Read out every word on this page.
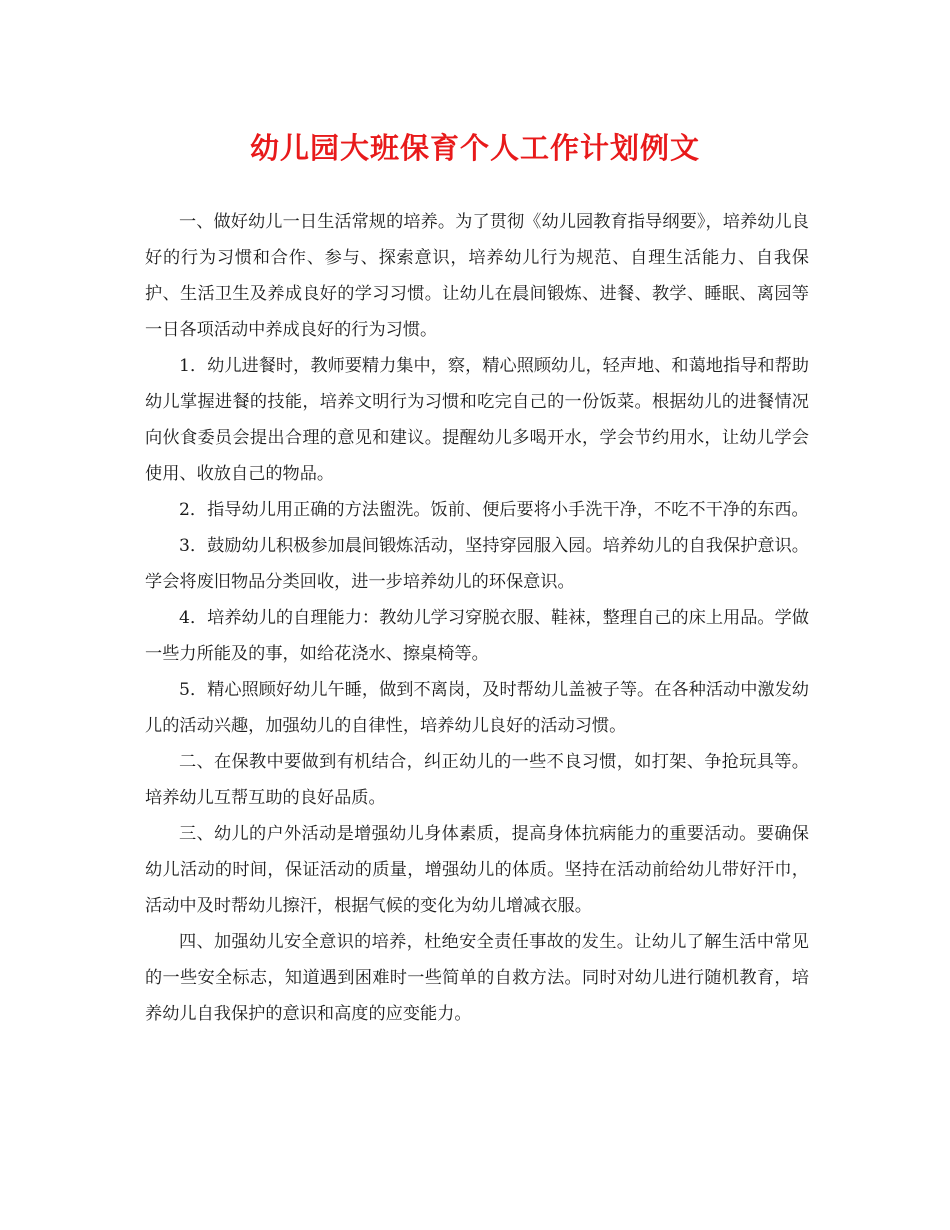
幼儿园大班保育个人工作计划例文

一、做好幼儿一日生活常规的培养。为了贯彻《幼儿园教育指导纲要》，培养幼儿良好的行为习惯和合作、参与、探索意识，培养幼儿行为规范、自理生活能力、自我保护、生活卫生及养成良好的学习习惯。让幼儿在晨间锻炼、进餐、教学、睡眠、离园等一日各项活动中养成良好的行为习惯。

1．幼儿进餐时，教师要精力集中，察，精心照顾幼儿，轻声地、和蔼地指导和帮助幼儿掌握进餐的技能，培养文明行为习惯和吃完自己的一份饭菜。根据幼儿的进餐情况向伙食委员会提出合理的意见和建议。提醒幼儿多喝开水，学会节约用水，让幼儿学会使用、收放自己的物品。

2．指导幼儿用正确的方法盥洗。饭前、便后要将小手洗干净，不吃不干净的东西。

3．鼓励幼儿积极参加晨间锻炼活动，坚持穿园服入园。培养幼儿的自我保护意识。学会将废旧物品分类回收，进一步培养幼儿的环保意识。

4．培养幼儿的自理能力：教幼儿学习穿脱衣服、鞋袜，整理自己的床上用品。学做一些力所能及的事，如给花浇水、擦桌椅等。

5．精心照顾好幼儿午睡，做到不离岗，及时帮幼儿盖被子等。在各种活动中激发幼儿的活动兴趣，加强幼儿的自律性，培养幼儿良好的活动习惯。

二、在保教中要做到有机结合，纠正幼儿的一些不良习惯，如打架、争抢玩具等。培养幼儿互帮互助的良好品质。

三、幼儿的户外活动是增强幼儿身体素质，提高身体抗病能力的重要活动。要确保幼儿活动的时间，保证活动的质量，增强幼儿的体质。坚持在活动前给幼儿带好汗巾，活动中及时帮幼儿擦汗，根据气候的变化为幼儿增减衣服。

四、加强幼儿安全意识的培养，杜绝安全责任事故的发生。让幼儿了解生活中常见的一些安全标志，知道遇到困难时一些简单的自救方法。同时对幼儿进行随机教育，培养幼儿自我保护的意识和高度的应变能力。
